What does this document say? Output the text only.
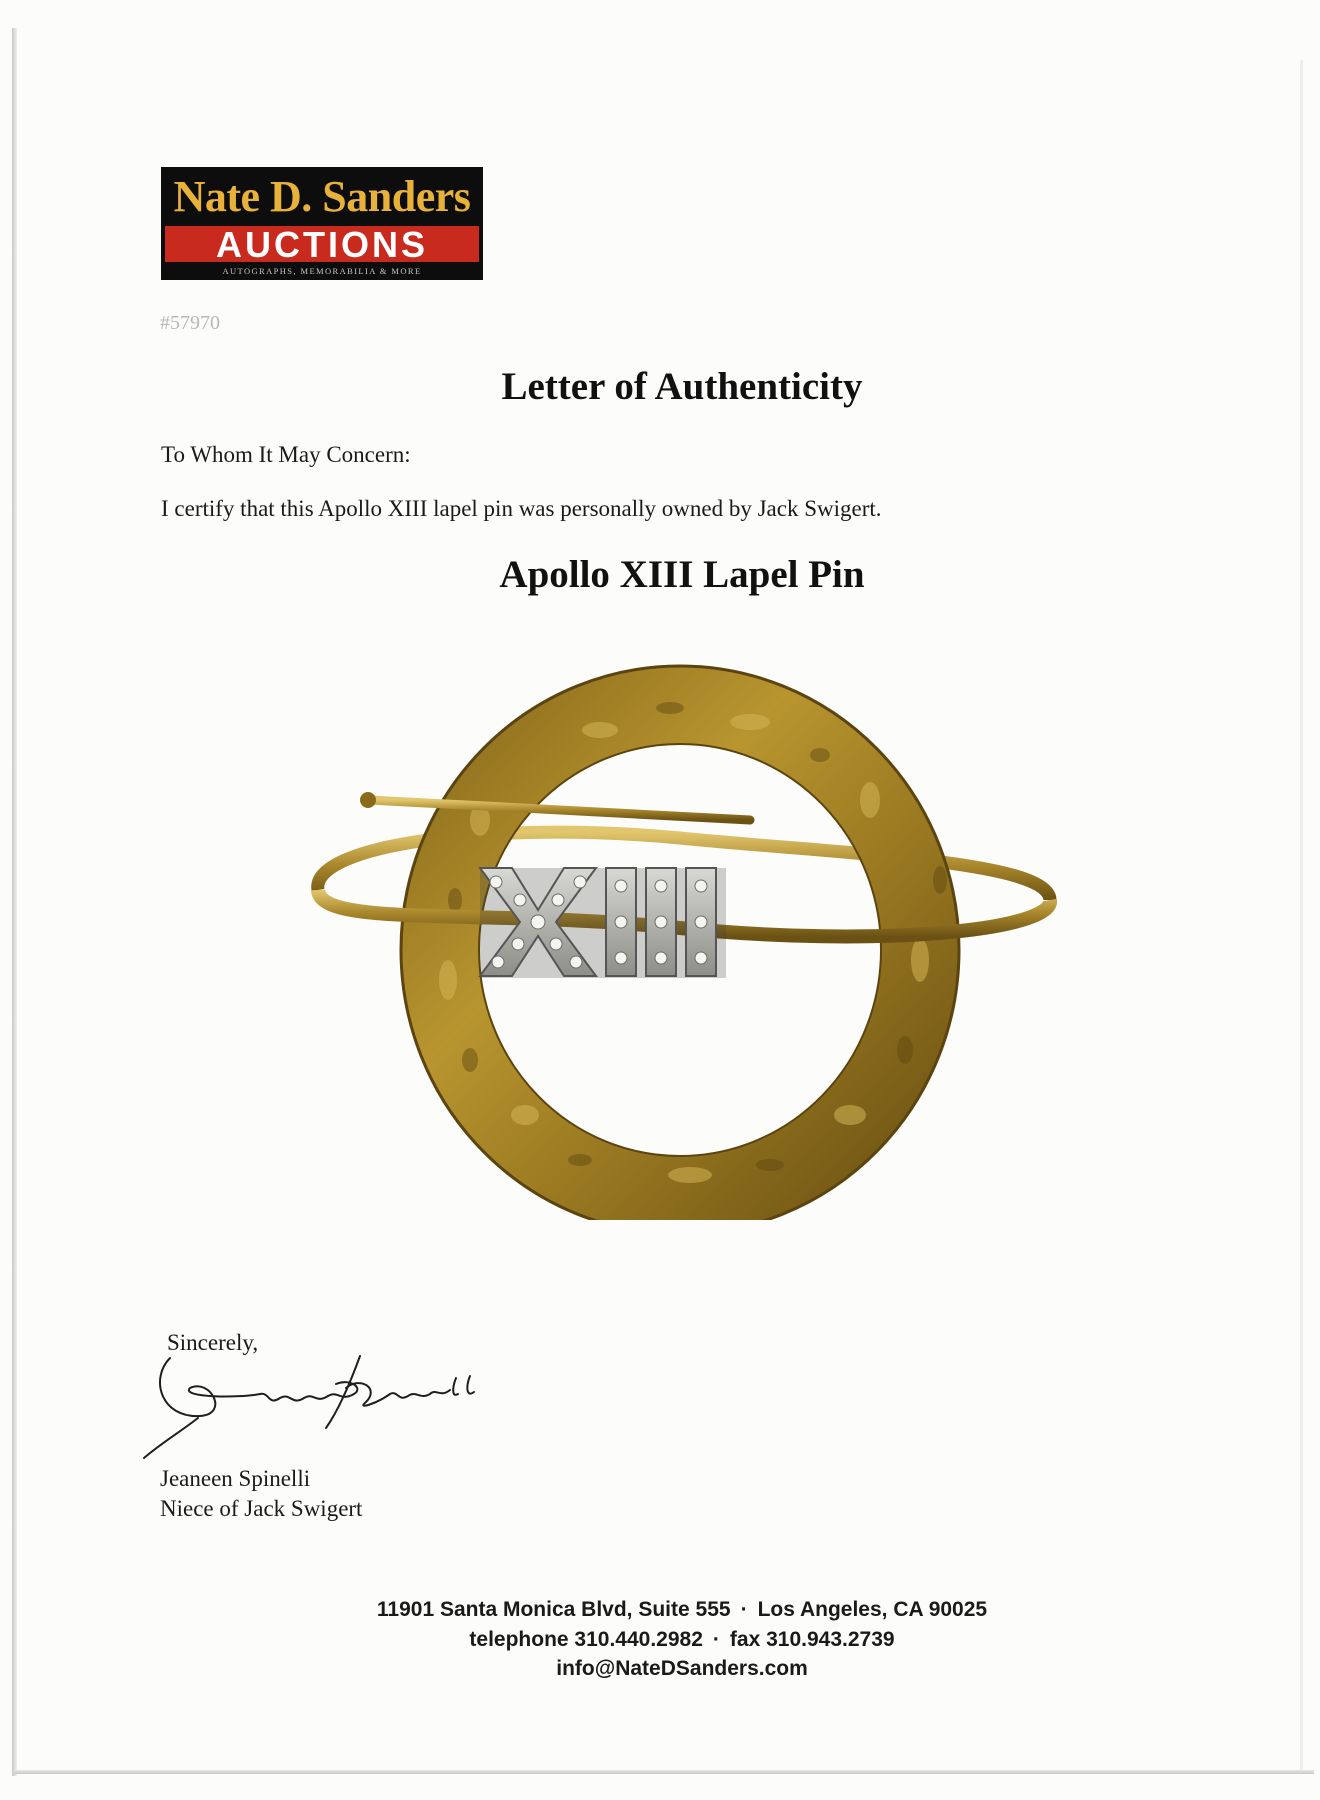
Nate D. Sanders
AUCTIONS
AUTOGRAPHS, MEMORABILIA & MORE
#57970
Letter of Authenticity
To Whom It May Concern:
I certify that this Apollo XIII lapel pin was personally owned by Jack Swigert.
Apollo XIII Lapel Pin
Sincerely,
Jeaneen Spinelli
Niece of Jack Swigert
11901 Santa Monica Blvd, Suite 555 · Los Angeles, CA 90025
telephone 310.440.2982 · fax 310.943.2739
info@NateDSanders.com
